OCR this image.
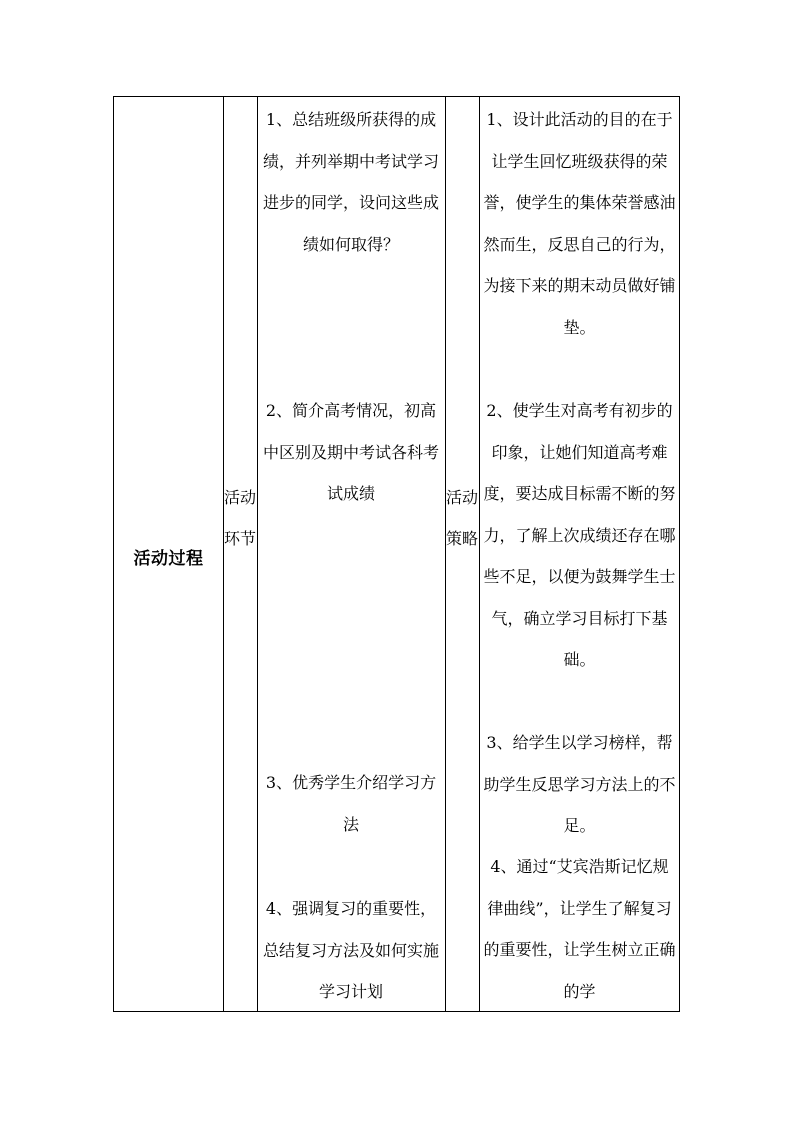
活动过程
活动环节
活动策略
1、总结班级所获得的成绩，并列举期中考试学习进步的同学，设问这些成绩如何取得？
2、简介高考情况，初高中区别及期中考试各科考试成绩
3、优秀学生介绍学习方法
4、强调复习的重要性，总结复习方法及如何实施学习计划
1、设计此活动的目的在于让学生回忆班级获得的荣誉，使学生的集体荣誉感油然而生，反思自己的行为，为接下来的期末动员做好铺垫。
2、使学生对高考有初步的印象，让她们知道高考难度，要达成目标需不断的努力，了解上次成绩还存在哪些不足，以便为鼓舞学生士气，确立学习目标打下基础。
3、给学生以学习榜样，帮助学生反思学习方法上的不足。
4、通过“艾宾浩斯记忆规律曲线”，让学生了解复习的重要性，让学生树立正确的学
